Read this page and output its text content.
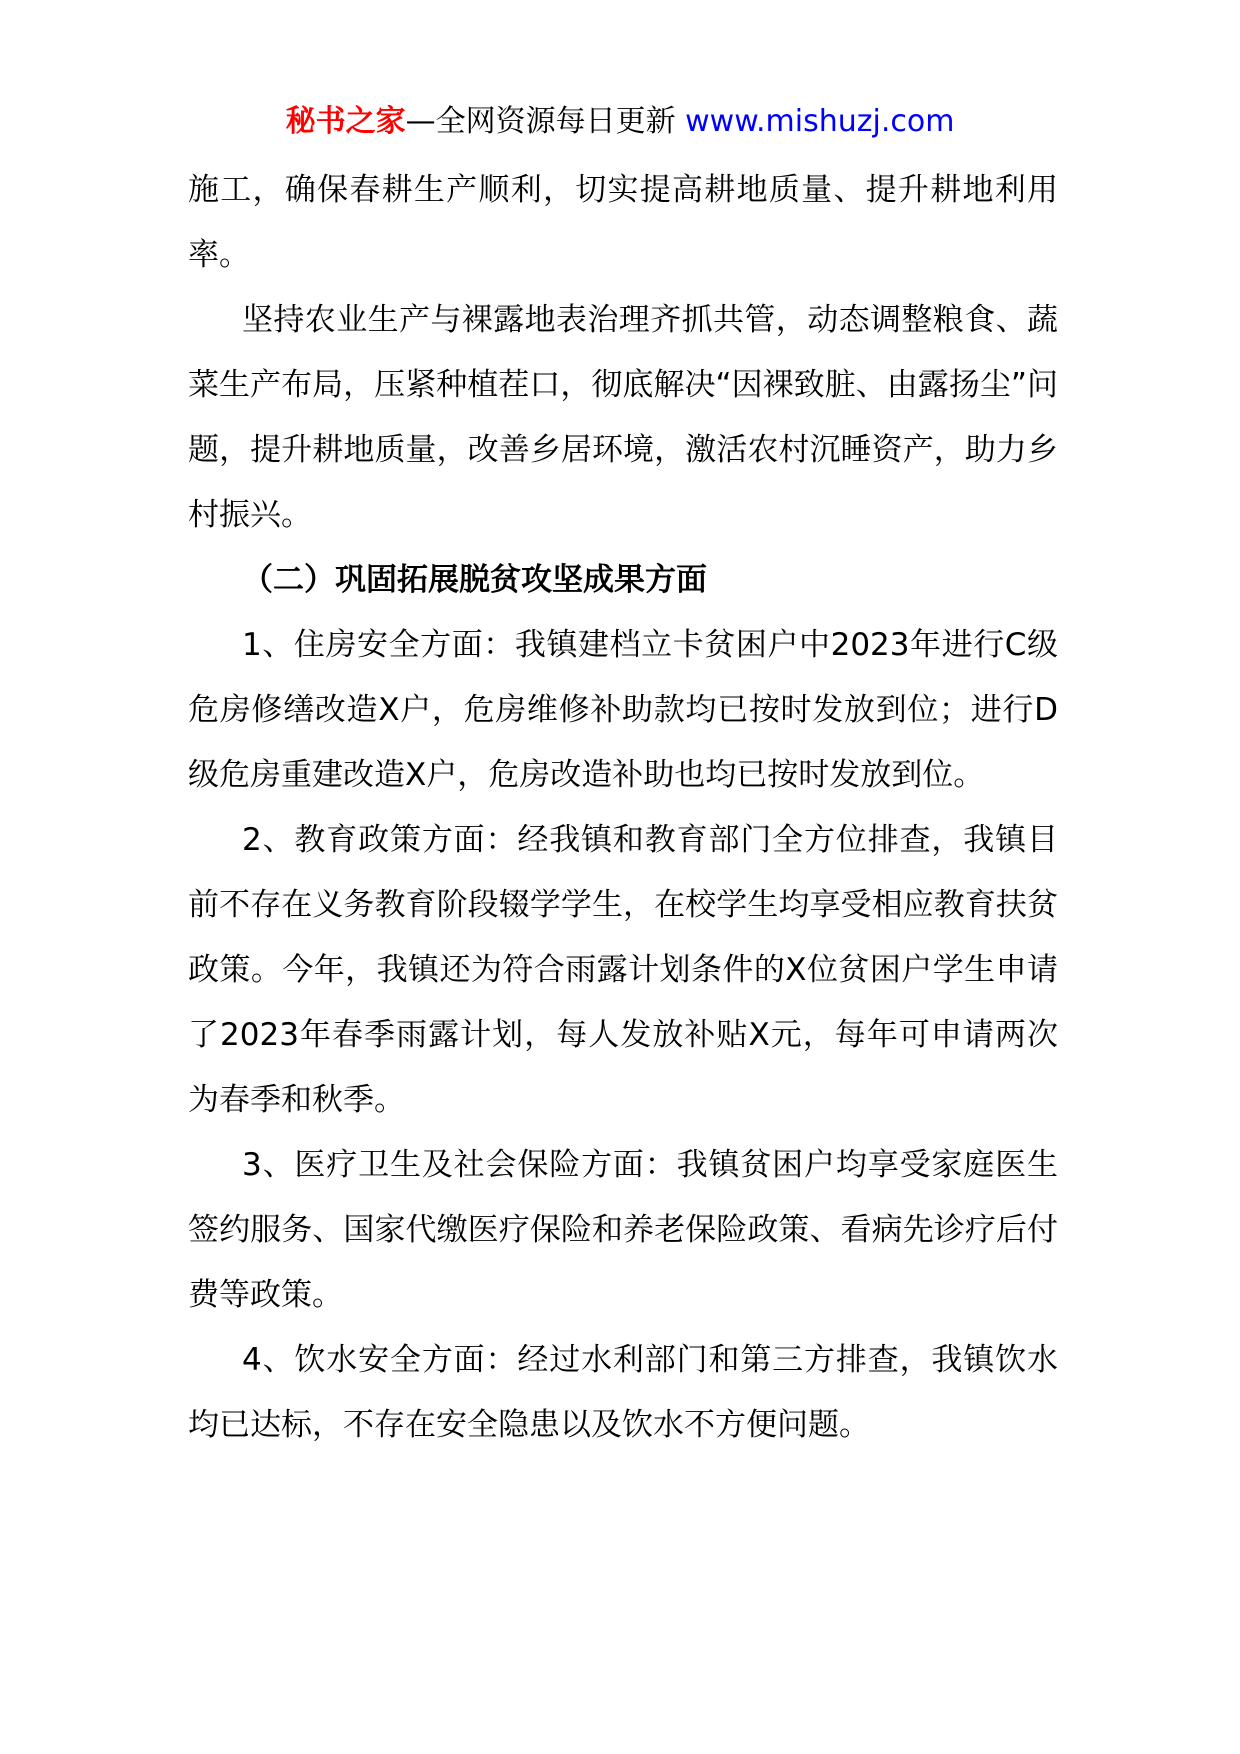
秘书之家—全网资源每日更新 www.mishuzj.com

施工，确保春耕生产顺利，切实提高耕地质量、提升耕地利用率。

坚持农业生产与裸露地表治理齐抓共管，动态调整粮食、蔬菜生产布局，压紧种植茬口，彻底解决“因裸致脏、由露扬尘”问题，提升耕地质量，改善乡居环境，激活农村沉睡资产，助力乡村振兴。

（二）巩固拓展脱贫攻坚成果方面

1、住房安全方面：我镇建档立卡贫困户中2023年进行C级危房修缮改造X户，危房维修补助款均已按时发放到位；进行D级危房重建改造X户，危房改造补助也均已按时发放到位。

2、教育政策方面：经我镇和教育部门全方位排查，我镇目前不存在义务教育阶段辍学学生，在校学生均享受相应教育扶贫政策。今年，我镇还为符合雨露计划条件的X位贫困户学生申请了2023年春季雨露计划，每人发放补贴X元，每年可申请两次为春季和秋季。

3、医疗卫生及社会保险方面：我镇贫困户均享受家庭医生签约服务、国家代缴医疗保险和养老保险政策、看病先诊疗后付费等政策。

4、饮水安全方面：经过水利部门和第三方排查，我镇饮水均已达标，不存在安全隐患以及饮水不方便问题。
